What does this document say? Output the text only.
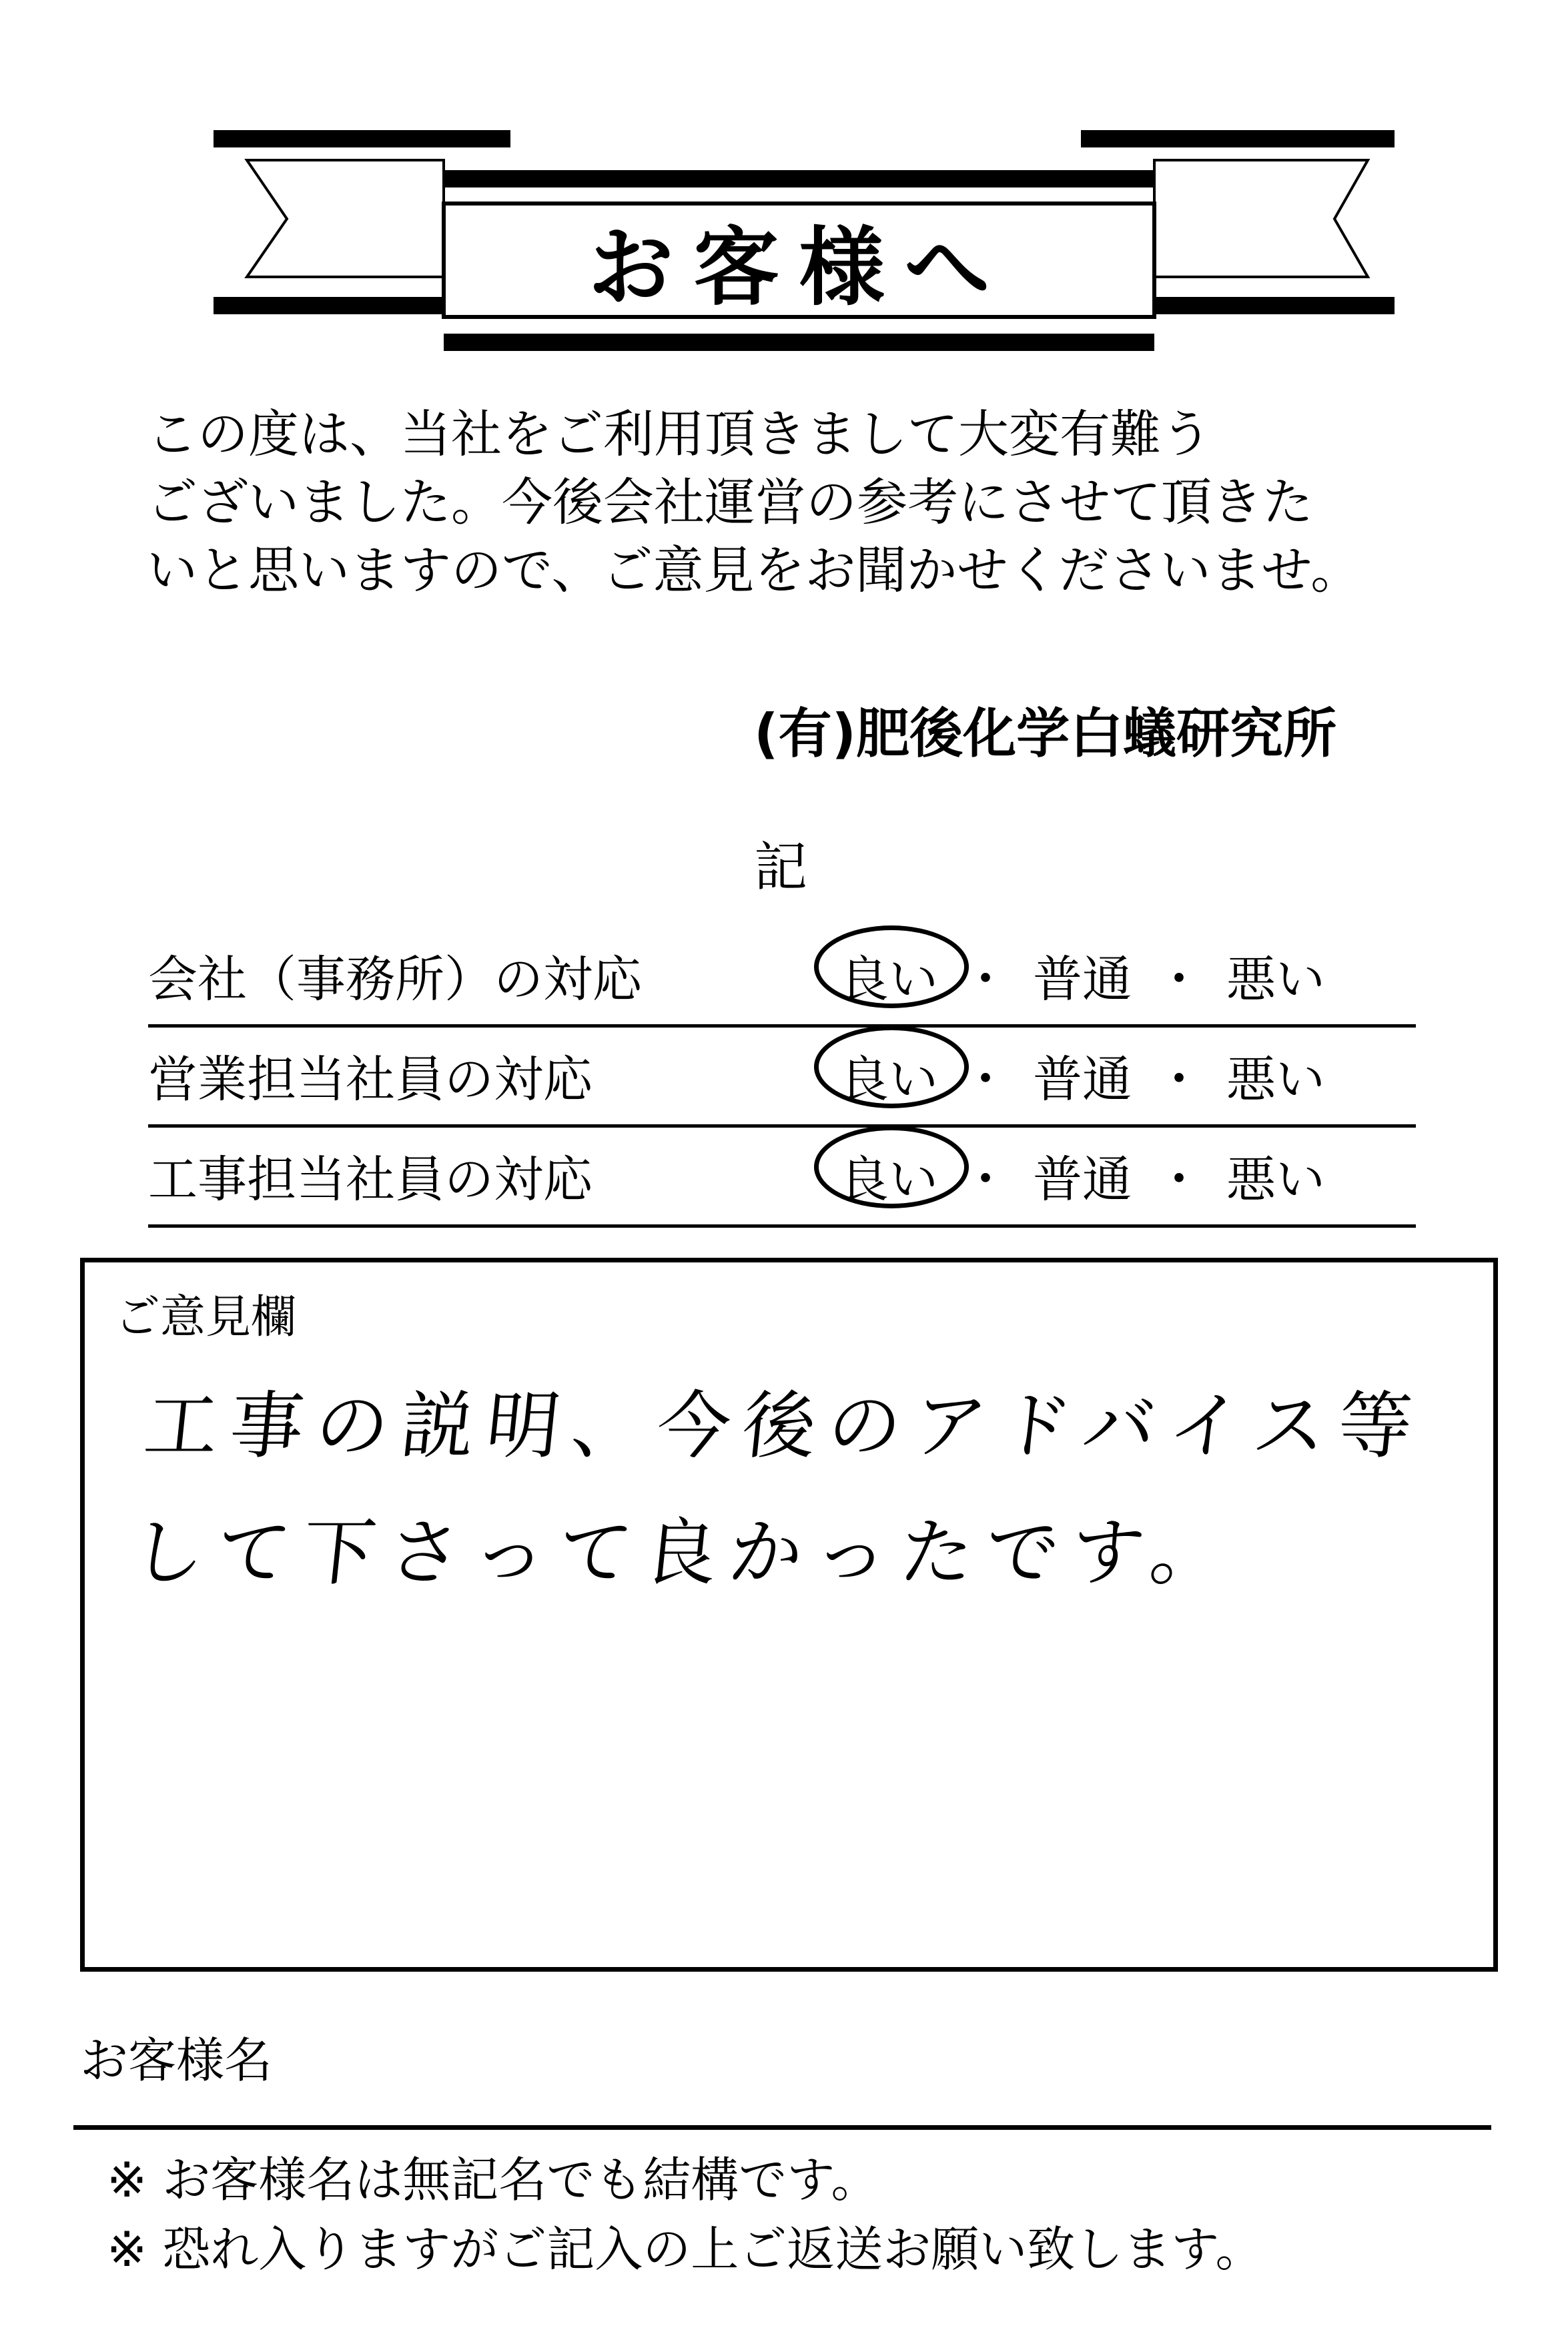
お客様へ
この度は、当社をご利用頂きまして大変有難う
ございました。今後会社運営の参考にさせて頂きた
いと思いますので、ご意見をお聞かせくださいませ。
(有)肥後化学白蟻研究所
記
会社（事務所）の対応	良い ・ 普通 ・ 悪い
営業担当社員の対応	良い ・ 普通 ・ 悪い
工事担当社員の対応	良い ・ 普通 ・ 悪い
ご意見欄
工事の説明、今後のアドバイス等
して下さって良かったです。
お客様名
※ お客様名は無記名でも結構です。
※ 恐れ入りますがご記入の上ご返送お願い致します。
